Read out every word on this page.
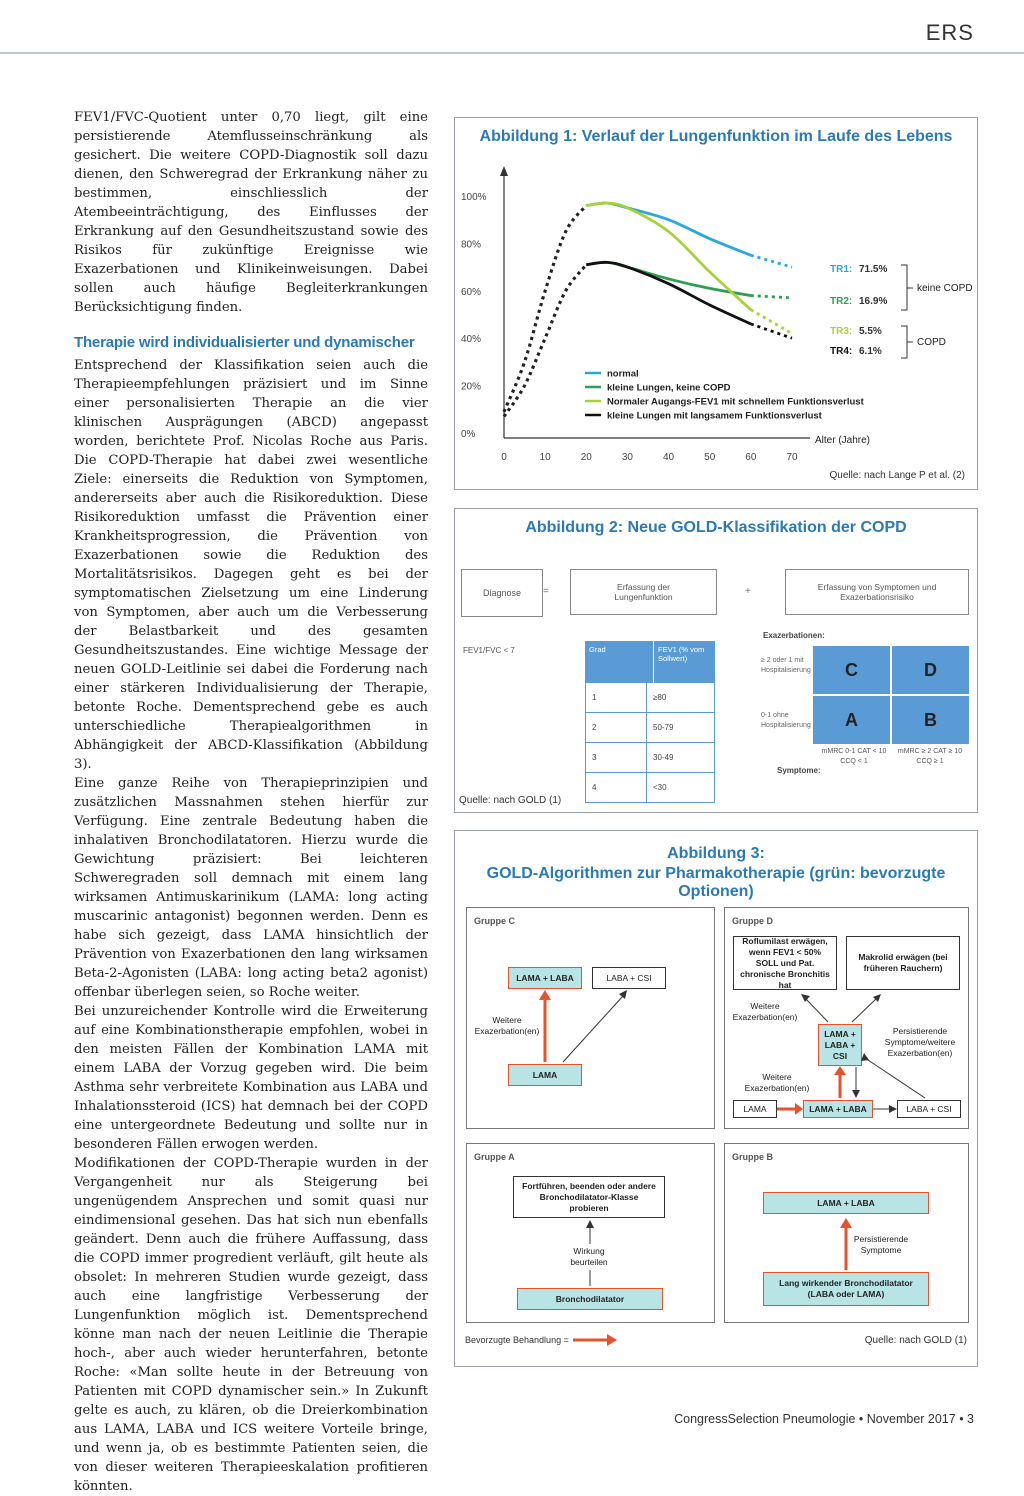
ERS

FEV1/FVC-Quotient unter 0,70 liegt, gilt eine persistierende Atemflusseinschränkung als gesichert. Die weitere COPD-Diagnostik soll dazu dienen, den Schweregrad der Erkrankung näher zu bestimmen, einschliesslich der Atembeeinträchtigung, des Einflusses der Erkrankung auf den Gesundheitszustand sowie des Risikos für zukünftige Ereignisse wie Exazerbationen und Klinikeinweisungen. Dabei sollen auch häufige Begleiterkrankungen Berücksichtigung finden.

Therapie wird individualisierter und dynamischer

Entsprechend der Klassifikation seien auch die Therapieempfehlungen präzisiert und im Sinne einer personalisierten Therapie an die vier klinischen Ausprägungen (ABCD) angepasst worden, berichtete Prof. Nicolas Roche aus Paris. Die COPD-Therapie hat dabei zwei wesentliche Ziele: einerseits die Reduktion von Symptomen, andererseits aber auch die Risikoreduktion. Diese Risikoreduktion umfasst die Prävention einer Krankheitsprogression, die Prävention von Exazerbationen sowie die Reduktion des Mortalitätsrisikos. Dagegen geht es bei der symptomatischen Zielsetzung um eine Linderung von Symptomen, aber auch um die Verbesserung der Belastbarkeit und des gesamten Gesundheitszustandes. Eine wichtige Message der neuen GOLD-Leitlinie sei dabei die Forderung nach einer stärkeren Individualisierung der Therapie, betonte Roche. Dementsprechend gebe es auch unterschiedliche Therapiealgorithmen in Abhängigkeit der ABCD-Klassifikation (Abbildung 3).

Eine ganze Reihe von Therapieprinzipien und zusätzlichen Massnahmen stehen hierfür zur Verfügung. Eine zentrale Bedeutung haben die inhalativen Bronchodilatatoren. Hierzu wurde die Gewichtung präzisiert: Bei leichteren Schweregraden soll demnach mit einem lang wirksamen Antimuskarinikum (LAMA: long acting muscarinic antagonist) begonnen werden. Denn es habe sich gezeigt, dass LAMA hinsichtlich der Prävention von Exazerbationen den lang wirksamen Beta-2-Agonisten (LABA: long acting beta2 agonist) offenbar überlegen seien, so Roche weiter.

Bei unzureichender Kontrolle wird die Erweiterung auf eine Kombinationstherapie empfohlen, wobei in den meisten Fällen der Kombination LAMA mit einem LABA der Vorzug gegeben wird. Die beim Asthma sehr verbreitete Kombination aus LABA und Inhalationssteroid (ICS) hat demnach bei der COPD eine untergeordnete Bedeutung und sollte nur in besonderen Fällen erwogen werden.

Modifikationen der COPD-Therapie wurden in der Vergangenheit nur als Steigerung bei ungenügendem Ansprechen und somit quasi nur eindimensional gesehen. Das hat sich nun ebenfalls geändert. Denn auch die frühere Auffassung, dass die COPD immer progredient verläuft, gilt heute als obsolet: In mehreren Studien wurde gezeigt, dass auch eine langfristige Verbesserung der Lungenfunktion möglich ist. Dementsprechend könne man nach der neuen Leitlinie die Therapie hoch-, aber auch wieder herunterfahren, betonte Roche: «Man sollte heute in der Betreuung von Patienten mit COPD dynamischer sein.» In Zukunft gelte es auch, zu klären, ob die Dreierkombination aus LAMA, LABA und ICS weitere Vorteile bringe, und wenn ja, ob es bestimmte Patienten seien, die von dieser weiteren Therapieeskalation profitieren könnten.

Abbildung 1: Verlauf der Lungenfunktion im Laufe des Lebens
0%
20%
40%
60%
80%
100%
0	10	20	30	40	50	60	70
normal
kleine Lungen, keine COPD
Normaler Augangs-FEV1 mit schnellem Funktionsverlust
kleine Lungen mit langsamem Funktionsverlust
Alter (Jahre)
TR1: 71.5%
TR2: 16.9%
TR3: 5.5%
TR4: 6.1%
keine COPD
COPD
Quelle: nach Lange P et al. (2)
Abbildung 2: Neue GOLD-Klassifikation der COPD
Diagnose =	Erfassung der Lungenfunktion	+	Erfassung von Symptomen und Exazerbationsrisiko
FEV1/FVC < 7	Grad	FEV1 (% vom Sollwert)
1	≥80
2	50-79
3	30-49
4	<30
Exazerbationen:
≥ 2 oder 1 mit Hospitalisierung
0-1 ohne Hospitalisierung
C	D
A	B
Symptome:
mMRC 0-1 CAT < 10 CCQ < 1
mMRC ≥ 2 CAT ≥ 10 CCQ ≥ 1
Quelle: nach GOLD (1)
Abbildung 3:
GOLD-Algorithmen zur Pharmakotherapie (grün: bevorzugte Optionen)
Gruppe C
LAMA + LABA	LABA + CSI
LAMA
Weitere Exazerbation(en)
Gruppe D
Roflumilast erwägen, wenn FEV1 < 50% SOLL und Pat. chronische Bronchitis hat
Makrolid erwägen (bei früheren Rauchern)
Weitere Exazerbation(en)
LAMA + LABA + CSI
Persistierende Symptome/weitere Exazerbation(en)
Weitere Exazerbation(en)
LAMA	LAMA + LABA	LABA + CSI
Gruppe A
Fortführen, beenden oder andere Bronchodilatator-Klasse probieren
Wirkung beurteilen
Bronchodilatator
Gruppe B
LAMA + LABA
Persistierende Symptome
Lang wirkender Bronchodilatator (LABA oder LAMA)
Bevorzugte Behandlung =	Quelle: nach GOLD (1)
CongressSelection Pneumologie • November 2017 • 3
